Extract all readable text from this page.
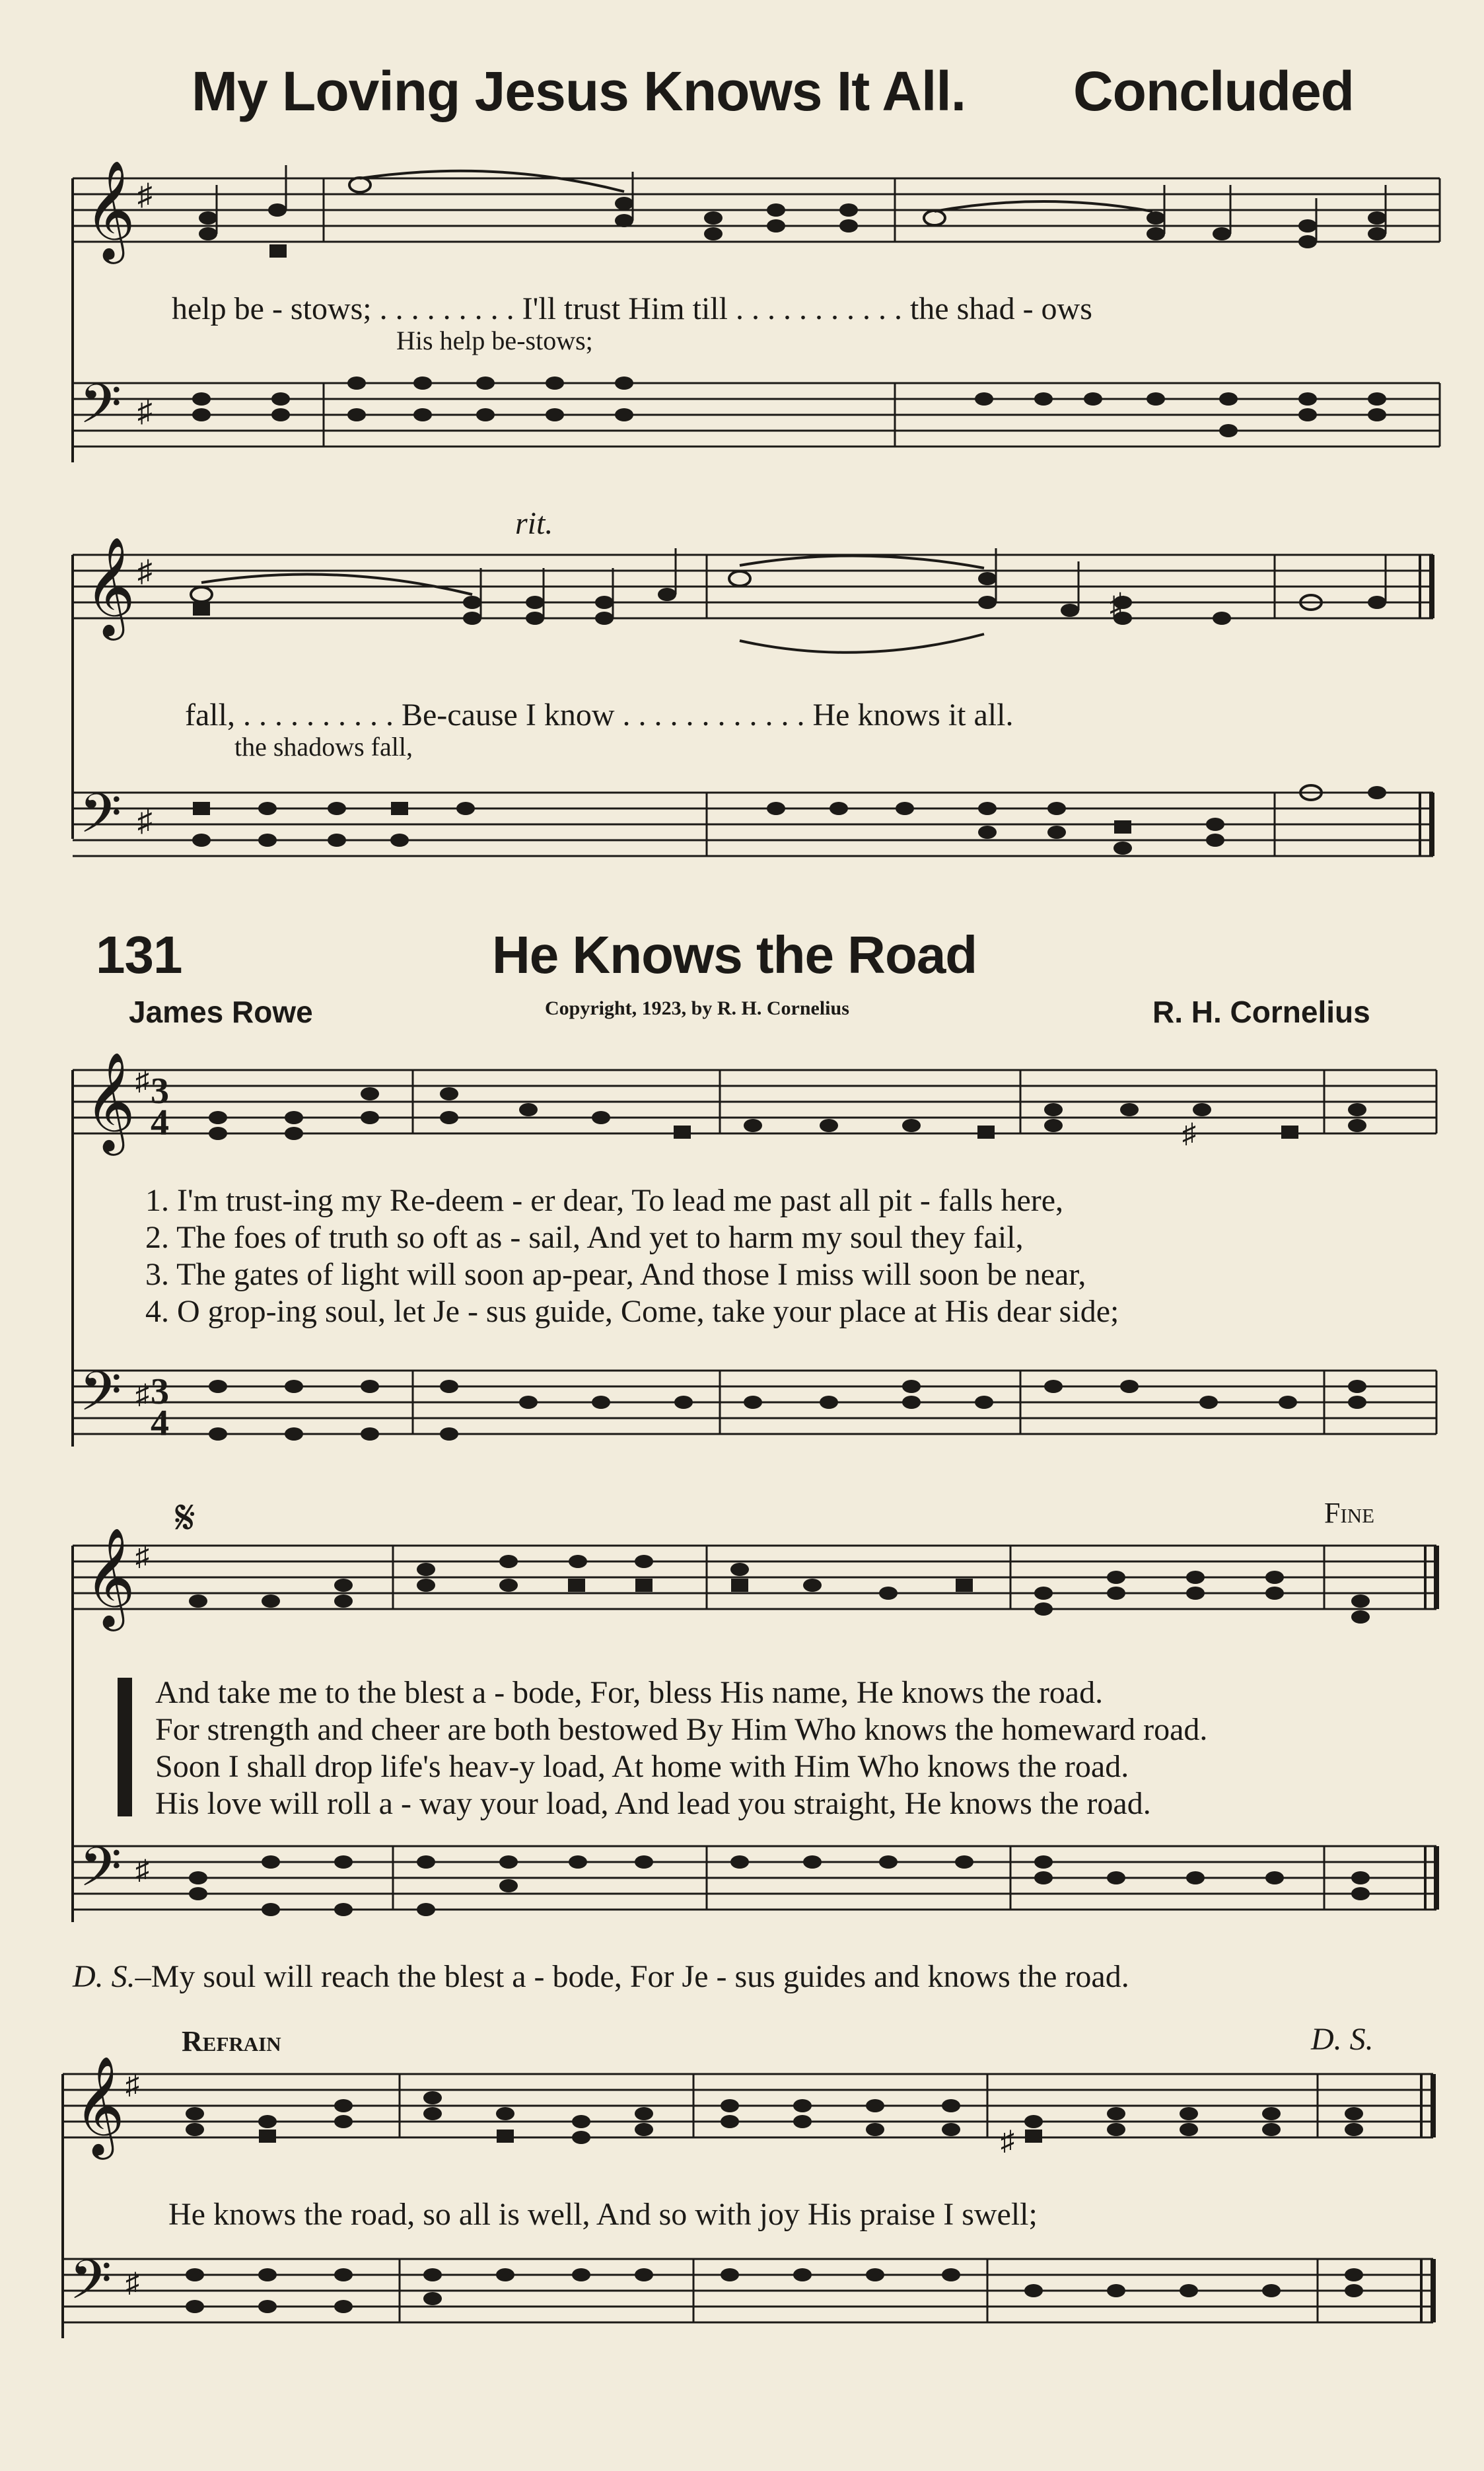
My Loving Jesus Knows It All. Concluded
𝄞 ♯
help be - stows; . . . . . . . . . I'll trust Him till . . . . . . . . . . . the shad - ows
His help be-stows;
𝄢 ♯
rit.
𝄞 ♯
♯
fall, . . . . . . . . . . Be-cause I know . . . . . . . . . . . . He knows it all.
the shadows fall,
𝄢 ♯
131	He Knows the Road
James Rowe	Copyright, 1923, by R. H. Cornelius	R. H. Cornelius
𝄞 ♯ 3
4	♯
1. I'm trust-ing my Re-deem - er dear, To lead me past all pit - falls here,
2. The foes of truth so oft as - sail, And yet to harm my soul they fail,
3. The gates of light will soon ap-pear, And those I miss will soon be near,
4. O grop-ing soul, let Je - sus guide, Come, take your place at His dear side;
𝄢 ♯ 3
4
𝄋	Fine
𝄞 ♯
And take me to the blest a - bode, For, bless His name, He knows the road.
For strength and cheer are both bestowed By Him Who knows the homeward road.
Soon I shall drop life's heav-y load, At home with Him Who knows the road.
His love will roll a - way your load, And lead you straight, He knows the road.
𝄢 ♯
D. S.–My soul will reach the blest a - bode, For Je - sus guides and knows the road.
Refrain	D. S.
𝄞 ♯
♯
He knows the road, so all is well, And so with joy His praise I swell;
𝄢 ♯
